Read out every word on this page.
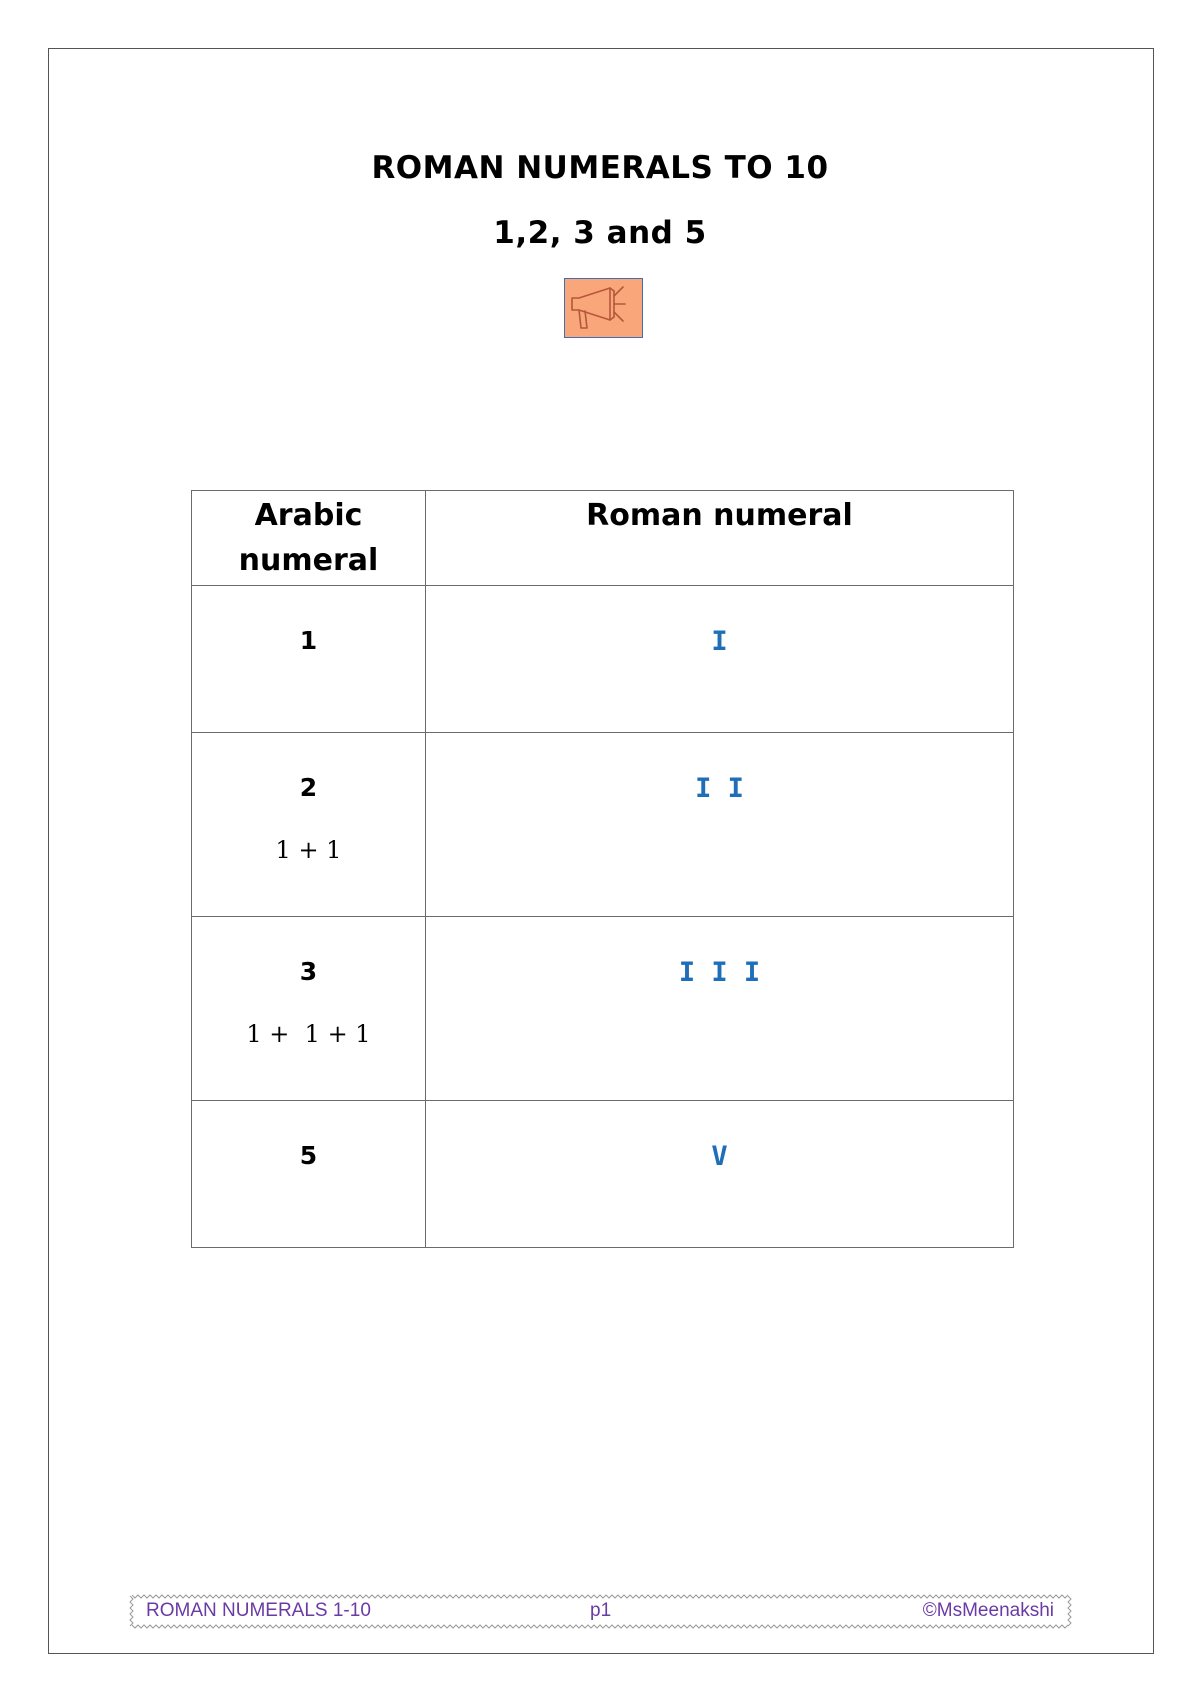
ROMAN NUMERALS TO 10
1,2, 3 and 5
Arabic numeral	Roman numeral

1	I

2
1 + 1	I I

3
1 +  1 + 1	I I I

5	V
ROMAN NUMERALS 1-10	p1	©MsMeenakshi
